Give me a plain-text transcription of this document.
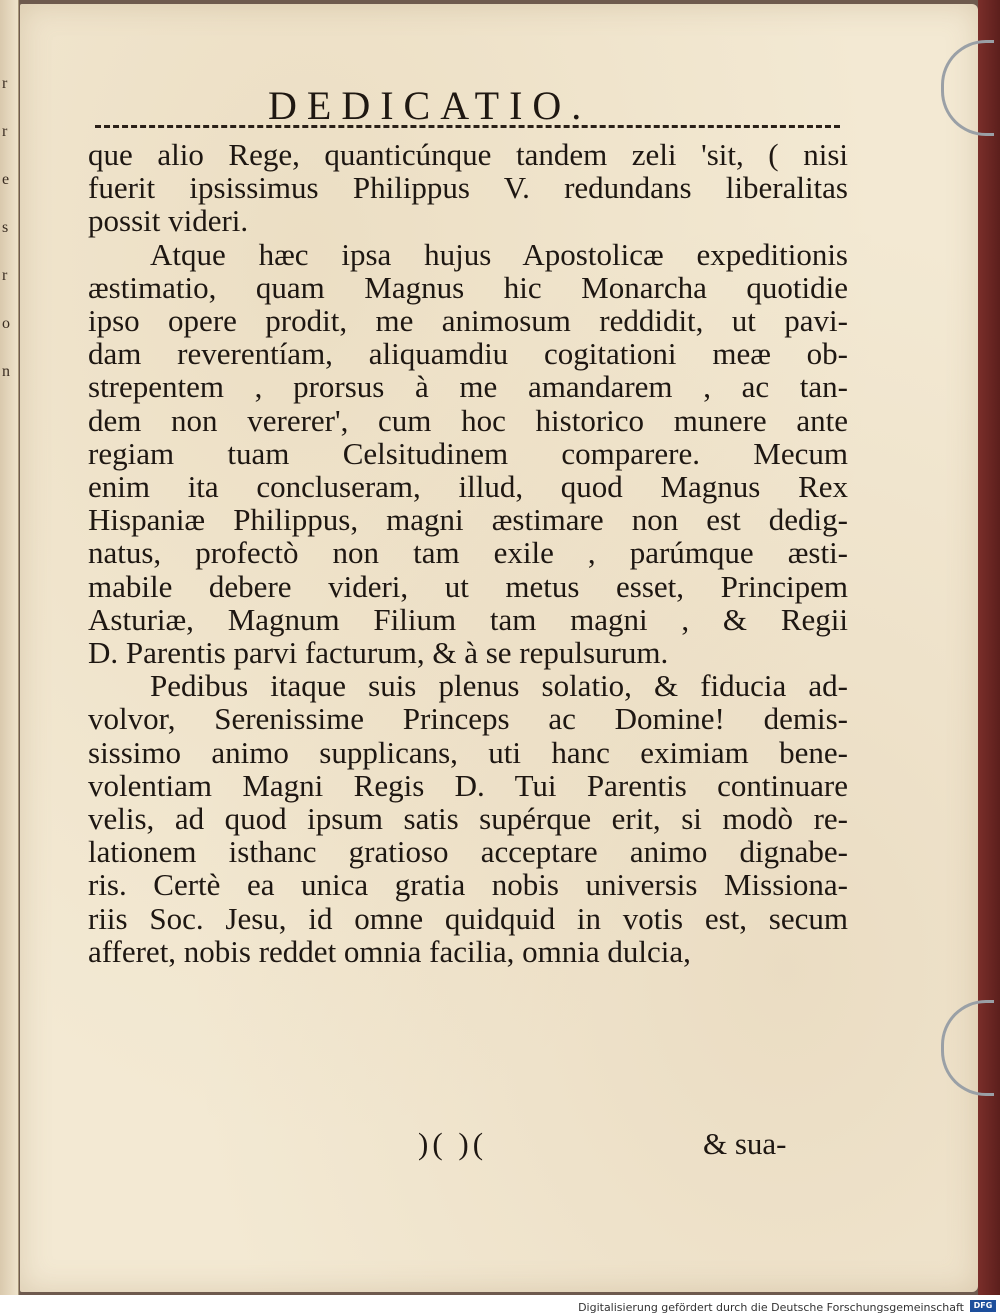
r
r
e
s
r
o
n
DEDICATIO.

que alio Rege, quanticúnque tandem zeli 'sit, ( nisi
fuerit ipsissimus Philippus V. redundans liberalitas
possit videri.

Atque hæc ipsa hujus Apostolicæ expeditionis
æstimatio, quam Magnus hic Monarcha quotidie
ipso opere prodit, me animosum reddidit, ut pavi-
dam reverentíam, aliquamdiu cogitationi meæ ob-
strepentem , prorsus à me amandarem , ac tan-
dem non vererer', cum hoc historico munere ante
regiam tuam Celsitudinem comparere. Mecum
enim ita concluseram, illud, quod Magnus Rex
Hispaniæ Philippus, magni æstimare non est dedig-
natus, profectò non tam exile , parúmque æsti-
mabile debere videri, ut metus esset, Principem
Asturiæ, Magnum Filium tam magni , & Regii
D. Parentis parvi facturum, & à se repulsurum.

Pedibus itaque suis plenus solatio, & fiducia ad-
volvor, Serenissime Princeps ac Domine! demis-
sissimo animo supplicans, uti hanc eximiam bene-
volentiam Magni Regis D. Tui Parentis continuare
velis, ad quod ipsum satis supérque erit, si modò re-
lationem isthanc gratioso acceptare animo dignabe-
ris. Certè ea unica gratia nobis universis Missiona-
riis Soc. Jesu, id omne quidquid in votis est, secum
afferet, nobis reddet omnia facilia, omnia dulcia,

)( )(	& sua-
Digitalisierung gefördert durch die Deutsche Forschungsgemeinschaft	DFG
